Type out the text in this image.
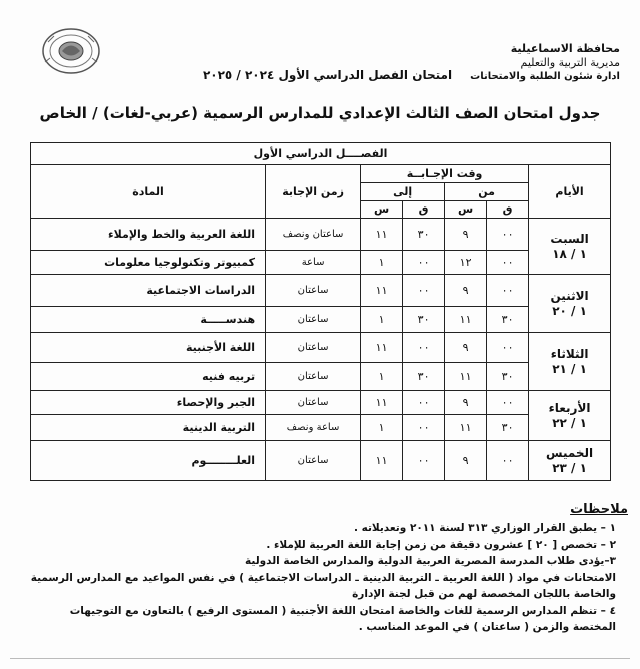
محافظة الاسماعيلية
مديرية التربية والتعليم
ادارة شئون الطلبة والامتحانات
امتحان الفصل الدراسي الأول ٢٠٢٤ / ٢٠٢٥
جدول امتحان الصف الثالث الإعدادي للمدارس الرسمية (عربي-لغات) / الخاص
الفصــــل الدراسي الأول						
الأيام	وقت الإجـابــة				زمن الإجابة	المادة
	من		إلى			
	ق	س	ق	س		

السبت
١ / ١٨	٠٠	٩	٣٠	١١	ساعتان ونصف	اللغة العربية والخط والإملاء
	٠٠	١٢	٠٠	١	ساعة	كمبيوتر وتكنولوجيا معلومات

الاثنين
١ / ٢٠	٠٠	٩	٠٠	١١	ساعتان	الدراسات الاجتماعية
	٣٠	١١	٣٠	١	ساعتان	هندســـــة

الثلاثاء
١ / ٢١	٠٠	٩	٠٠	١١	ساعتان	اللغة الأجنبية
	٣٠	١١	٣٠	١	ساعتان	تربيه فنيه

الأربعاء
١ / ٢٢	٠٠	٩	٠٠	١١	ساعتان	الجبر والإحصاء
	٣٠	١١	٠٠	١	ساعة ونصف	التربية الدينية

الخميس
١ / ٢٣	٠٠	٩	٠٠	١١	ساعتان	العلــــــــوم
ملاحظات

١ – يطبق القرار الوزاري ٣١٣ لسنة ٢٠١١ وتعديلاته .

٢ – تخصص [ ٢٠ ] عشرون دقيقة من زمن إجابة اللغة العربية للإملاء .

٣–يؤدى طلاب المدرسة المصرية العربية الدولية والمدارس الخاصة الدولية

الامتحانات في مواد ( اللغة العربية ـ التربية الدينية ـ الدراسات الاجتماعية ) في نفس المواعيد مع المدارس الرسمية

والخاصة باللجان المخصصة لهم من قبل لجنة الإدارة

٤ – تنظم المدارس الرسمية للغات والخاصة امتحان اللغة الأجنبية ( المستوى الرفيع ) بالتعاون مع التوجيهات

المختصة والزمن ( ساعتان ) في الموعد المناسب .
